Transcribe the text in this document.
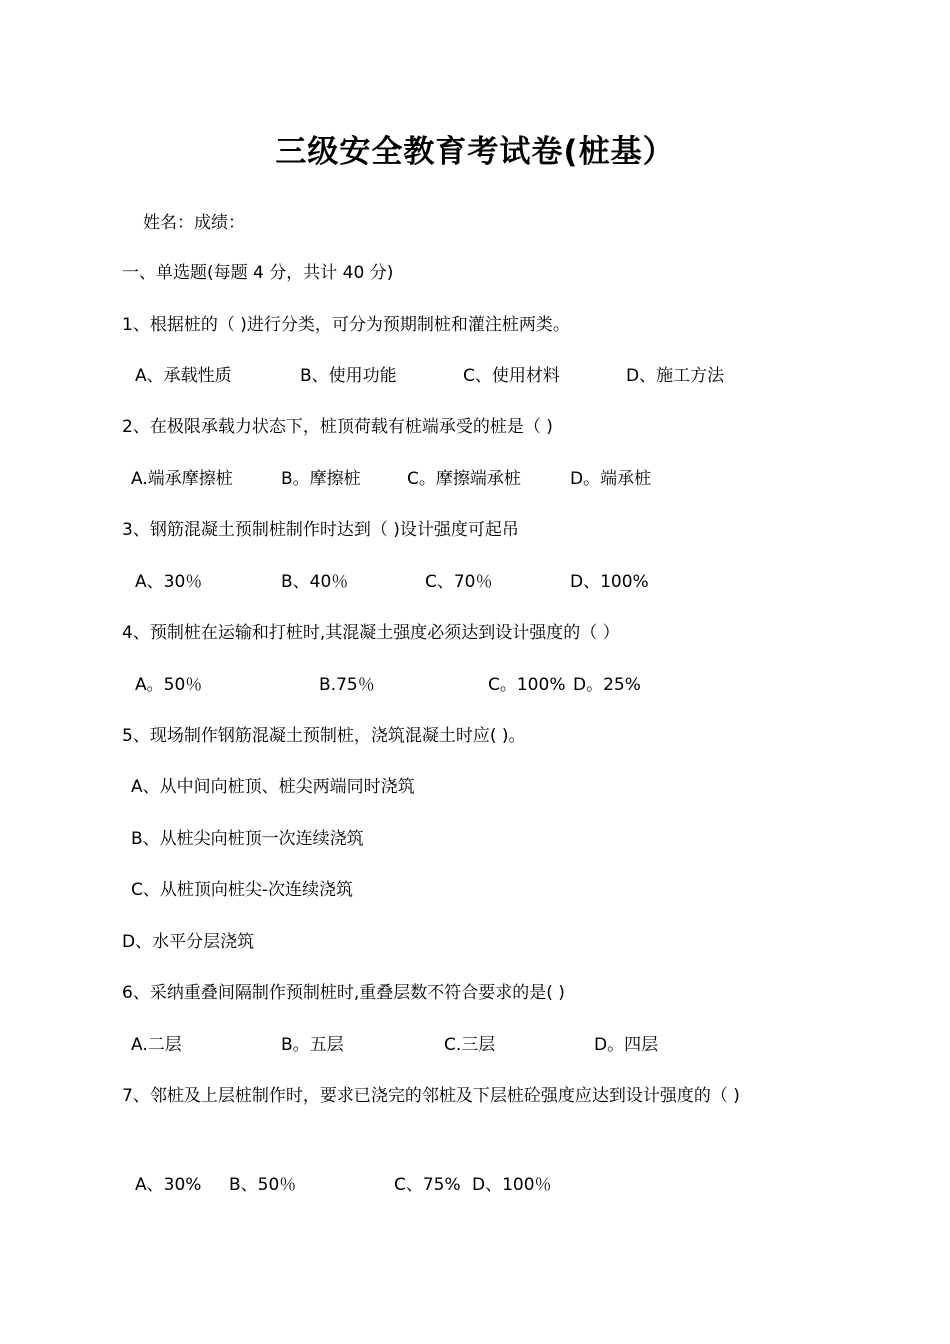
三级安全教育考试卷(桩基）
姓名：成绩：
一、单选题(每题 4 分，共计 40 分)
1、根据桩的（ )进行分类，可分为预期制桩和灌注桩两类。
A、承载性质	B、使用功能	C、使用材料	D、施工方法
2、在极限承载力状态下，桩顶荷载有桩端承受的桩是（ )
A.端承摩擦桩	B。摩擦桩	C。摩擦端承桩	D。端承桩
3、钢筋混凝土预制桩制作时达到（ )设计强度可起吊
A、30％	B、40％	C、70％	D、100%
4、预制桩在运输和打桩时,其混凝土强度必须达到设计强度的（ ）
A。50％	B.75％	C。100% D。25%
5、现场制作钢筋混凝土预制桩，浇筑混凝土时应( )。
A、从中间向桩顶、桩尖两端同时浇筑
B、从桩尖向桩顶一次连续浇筑
C、从桩顶向桩尖-次连续浇筑
D、水平分层浇筑
6、采纳重叠间隔制作预制桩时,重叠层数不符合要求的是( )
A.二层	B。五层	C.三层	D。四层
7、邻桩及上层桩制作时，要求已浇完的邻桩及下层桩砼强度应达到设计强度的（ )
A、30% B、50％	C、75% D、100％
